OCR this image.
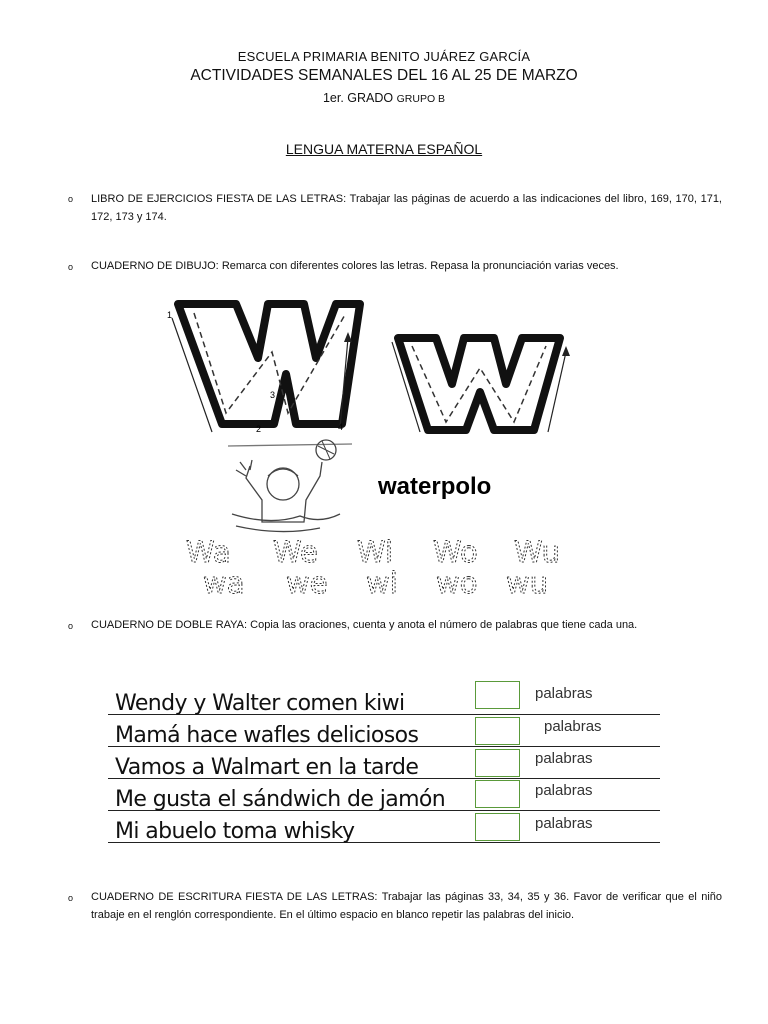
ESCUELA PRIMARIA BENITO JUÁREZ GARCÍA
ACTIVIDADES SEMANALES DEL 16 AL 25 DE MARZO
1er. GRADO GRUPO B
LENGUA MATERNA ESPAÑOL
o LIBRO DE EJERCICIOS FIESTA DE LAS LETRAS: Trabajar las páginas de acuerdo a las indicaciones del libro, 169, 170, 171, 172, 173 y 174.
o CUADERNO DE DIBUJO: Remarca con diferentes colores las letras. Repasa la pronunciación varias veces.
1
2
3
4
waterpolo
Wa We Wi Wo Wu
wa we wi wo wu
o CUADERNO DE DOBLE RAYA: Copia las oraciones, cuenta y anota el número de palabras que tiene cada una.
Wendy y Walter comen kiwi	palabras
Mamá hace wafles deliciosos	palabras
Vamos a Walmart en la tarde	palabras
Me gusta el sándwich de jamón	palabras
Mi abuelo toma whisky	palabras
o CUADERNO DE ESCRITURA FIESTA DE LAS LETRAS: Trabajar las páginas 33, 34, 35 y 36. Favor de verificar que el niño trabaje en el renglón correspondiente. En el último espacio en blanco repetir las palabras del inicio.
